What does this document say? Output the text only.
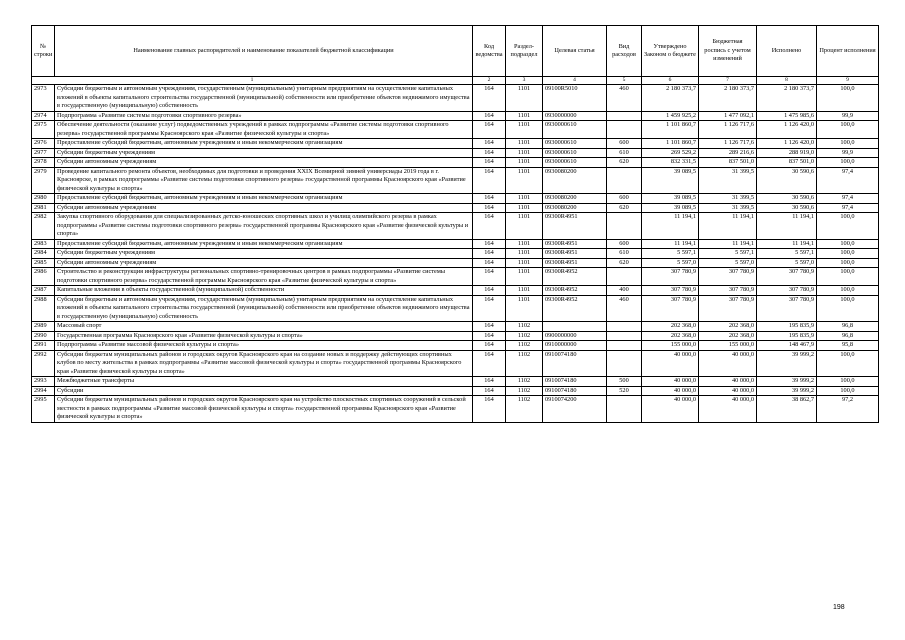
№
строки	Наименование главных распорядителей и наименование показателей бюджетной классификации	Код ведомства	Раздел- подраздел	Целевая статья	Вид расходов	Утверждено Законом о бюджете	Бюджетная роспись с учетом изменений	Исполнено	Процент исполнения
1		2	3	4	5	6	7	8	9
2973	Субсидии бюджетным и автономным учреждениям, государственным (муниципальным) унитарным предприятиям на осуществление капитальных вложений в объекты капитального строительства государственной (муниципальной) собственности или приобретение объектов недвижимого имущества в государственную (муниципальную) собственность	164	1101	09100R5010	460	2 180 373,7	2 180 373,7	2 180 373,7	100,0
2974	Подпрограмма «Развитие системы подготовки спортивного резерва»	164	1101	0930000000		1 459 925,2	1 477 092,1	1 475 985,6	99,9
2975	Обеспечение деятельности (оказание услуг) подведомственных учреждений в рамках подпрограммы «Развитие системы подготовки спортивного резерва» государственной программы Красноярского края «Развитие физической культуры и спорта»	164	1101	0930000610		1 101 860,7	1 126 717,6	1 126 420,0	100,0
2976	Предоставление субсидий бюджетным, автономным учреждениям и иным некоммерческим организациям	164	1101	0930000610	600	1 101 860,7	1 126 717,6	1 126 420,0	100,0
2977	Субсидии бюджетным учреждениям	164	1101	0930000610	610	269 529,2	289 216,6	288 919,0	99,9
2978	Субсидии автономным учреждениям	164	1101	0930000610	620	832 331,5	837 501,0	837 501,0	100,0
2979	Проведение капитального ремонта объектов, необходимых для подготовки и проведения XXIX Всемирной зимней универсиады 2019 года в г. Красноярске, в рамках подпрограммы «Развитие системы подготовки спортивного резерва» государственной программы Красноярского края «Развитие физической культуры и спорта»	164	1101	0930080200		39 089,5	31 399,5	30 590,6	97,4
2980	Предоставление субсидий бюджетным, автономным учреждениям и иным некоммерческим организациям	164	1101	0930080200	600	39 089,5	31 399,5	30 590,6	97,4
2981	Субсидии автономным учреждениям	164	1101	0930080200	620	39 089,5	31 399,5	30 590,6	97,4
2982	Закупка спортивного оборудования для специализированных детско-юношеских спортивных школ и училищ олимпийского резерва в рамках подпрограммы «Развитие системы подготовки спортивного резерва» государственной программы Красноярского края «Развитие физической культуры и спорта»	164	1101	09300R4951		11 194,1	11 194,1	11 194,1	100,0
2983	Предоставление субсидий бюджетным, автономным учреждениям и иным некоммерческим организациям	164	1101	09300R4951	600	11 194,1	11 194,1	11 194,1	100,0
2984	Субсидии бюджетным учреждениям	164	1101	09300R4951	610	5 597,1	5 597,1	5 597,1	100,0
2985	Субсидии автономным учреждениям	164	1101	09300R4951	620	5 597,0	5 597,0	5 597,0	100,0
2986	Строительство и реконструкция инфраструктуры региональных спортивно-тренировочных центров в рамках подпрограммы «Развитие системы подготовки спортивного резерва» государственной программы Красноярского края «Развитие физической культуры и спорта»	164	1101	09300R4952		307 780,9	307 780,9	307 780,9	100,0
2987	Капитальные вложения в объекты государственной (муниципальной) собственности	164	1101	09300R4952	400	307 780,9	307 780,9	307 780,9	100,0
2988	Субсидии бюджетным и автономным учреждениям, государственным (муниципальным) унитарным предприятиям на осуществление капитальных вложений в объекты капитального строительства государственной (муниципальной) собственности или приобретение объектов недвижимого имущества в государственную (муниципальную) собственность	164	1101	09300R4952	460	307 780,9	307 780,9	307 780,9	100,0
2989	Массовый спорт	164	1102			202 368,0	202 368,0	195 835,9	96,8
2990	Государственная программа Красноярского края «Развитие физической культуры и спорта»	164	1102	0900000000		202 368,0	202 368,0	195 835,9	96,8
2991	Подпрограмма «Развитие массовой физической культуры и спорта»	164	1102	0910000000		155 000,0	155 000,0	148 467,9	95,8
2992	Субсидии бюджетам муниципальных районов и городских округов Красноярского края на создание новых и поддержку действующих спортивных клубов по месту жительства в рамках подпрограммы «Развитие массовой физической культуры и спорта» государственной программы Красноярского края «Развитие физической культуры и спорта»	164	1102	0910074180		40 000,0	40 000,0	39 999,2	100,0
2993	Межбюджетные трансферты	164	1102	0910074180	500	40 000,0	40 000,0	39 999,2	100,0
2994	Субсидии	164	1102	0910074180	520	40 000,0	40 000,0	39 999,2	100,0
2995	Субсидии бюджетам муниципальных районов и городских округов Красноярского края на устройство плоскостных спортивных сооружений в сельской местности в рамках подпрограммы «Развитие массовой физической культуры и спорта» государственной программы Красноярского края «Развитие физической культуры и спорта»	164	1102	0910074200		40 000,0	40 000,0	38 862,7	97,2
198
